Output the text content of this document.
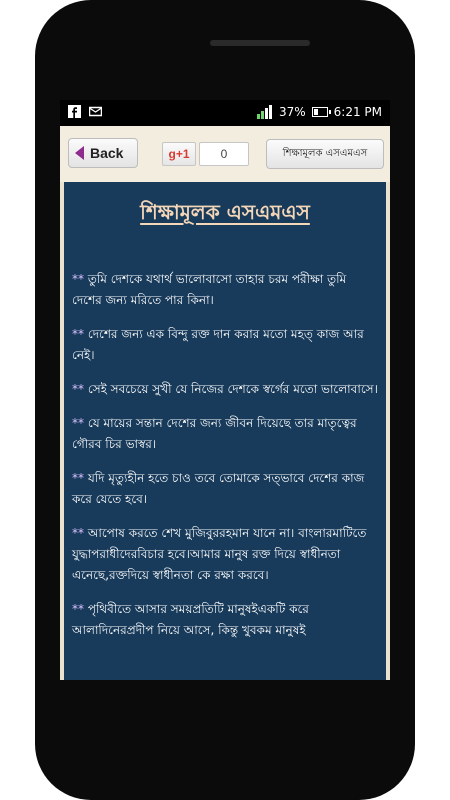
37% 6:21 PM
Back	g+1	0	শিক্ষামূলক এসএমএস
শিক্ষামূলক এসএমএস
** তুমি দেশকে যথার্থ ভালোবাসো তাহার চরম পরীক্ষা তুমি দেশের জন্য মরিতে পার কিনা।
** দেশের জন্য এক বিন্দু রক্ত দান করার মতো মহত্ কাজ আর নেই।
** সেই সবচেয়ে সুখী যে নিজের দেশকে স্বর্গের মতো ভালোবাসে।
** যে মায়ের সন্তান দেশের জন্য জীবন দিয়েছে তার মাতৃত্বের গৌরব চির ভাস্বর।
** যদি মৃত্যুহীন হতে চাও তবে তোমাকে সত্ভাবে দেশের কাজ করে যেতে হবে।
** আপোষ করতে শেখ মুজিবুররহমান যানে না। বাংলারমাটিতে যুদ্ধাপরাধীদেরবিচার হবে।আমার মানুষ রক্ত দিয়ে স্বাধীনতা এনেছে,রক্তদিয়ে স্বাধীনতা কে রক্ষা করবে।
** পৃথিবীতে আসার সময়প্রতিটি মানুষইএকটি করে আলাদিনেরপ্রদীপ নিয়ে আসে, কিন্তু খুবকম মানুষই
